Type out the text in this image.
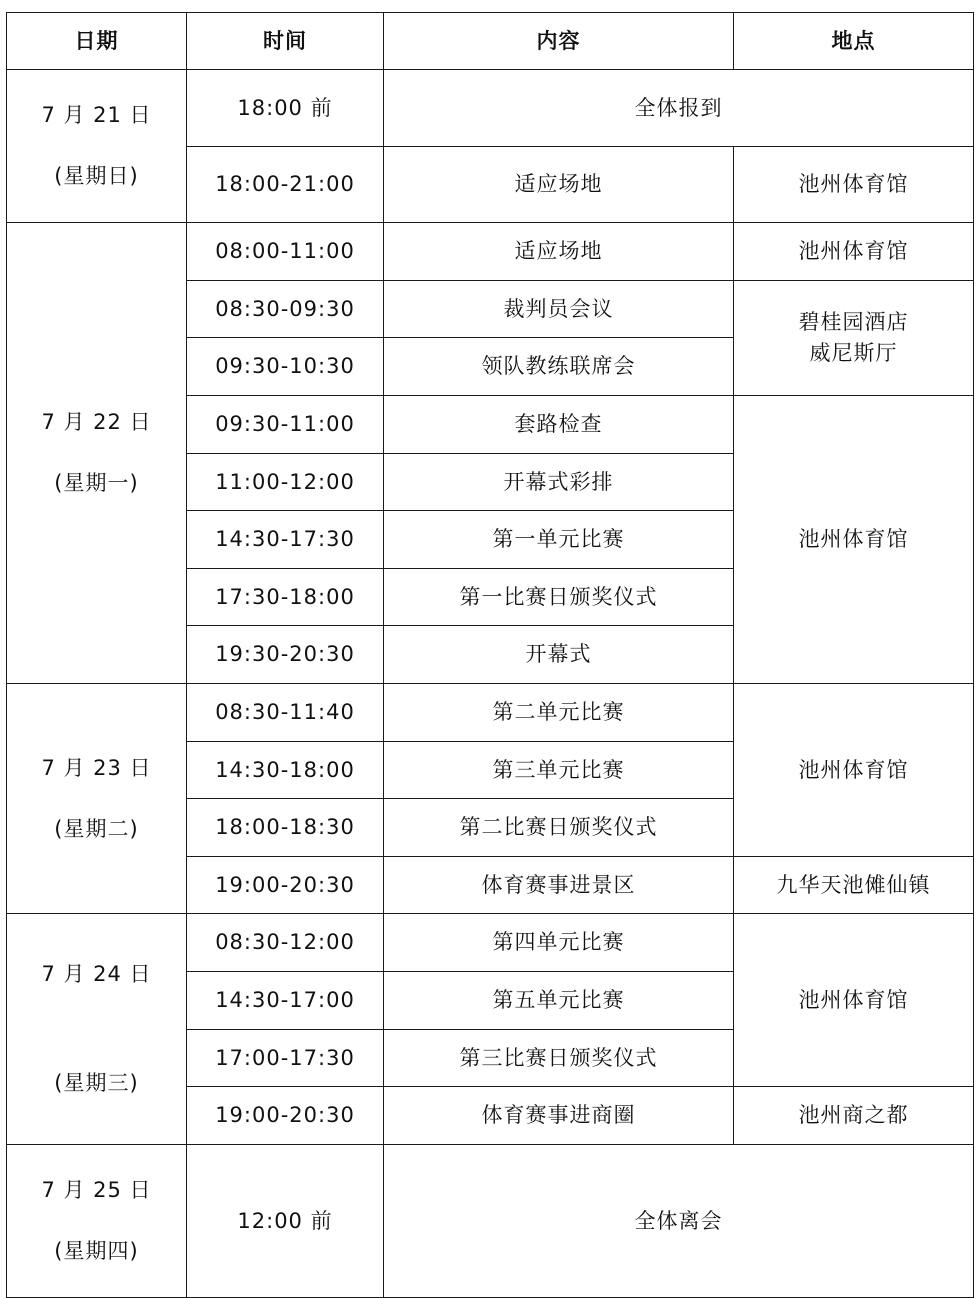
日期	时间	内容	地点

7 月 21 日

(星期日)	18:00 前	全体报到	
	18:00-21:00	适应场地	池州体育馆

7 月 22 日

(星期一)	08:00-11:00	适应场地	池州体育馆
	08:30-09:30	裁判员会议	碧桂园酒店
威尼斯厅
	09:30-10:30	领队教练联席会	
	09:30-11:00	套路检查	池州体育馆
	11:00-12:00	开幕式彩排	
	14:30-17:30	第一单元比赛	
	17:30-18:00	第一比赛日颁奖仪式	
	19:30-20:30	开幕式	

7 月 23 日

(星期二)	08:30-11:40	第二单元比赛	池州体育馆
	14:30-18:00	第三单元比赛	
	18:00-18:30	第二比赛日颁奖仪式	
	19:00-20:30	体育赛事进景区	九华天池傩仙镇

7 月 24 日

(星期三)	08:30-12:00	第四单元比赛	池州体育馆
	14:30-17:00	第五单元比赛	
	17:00-17:30	第三比赛日颁奖仪式	
	19:00-20:30	体育赛事进商圈	池州商之都

7 月 25 日

(星期四)	12:00 前	全体离会	
